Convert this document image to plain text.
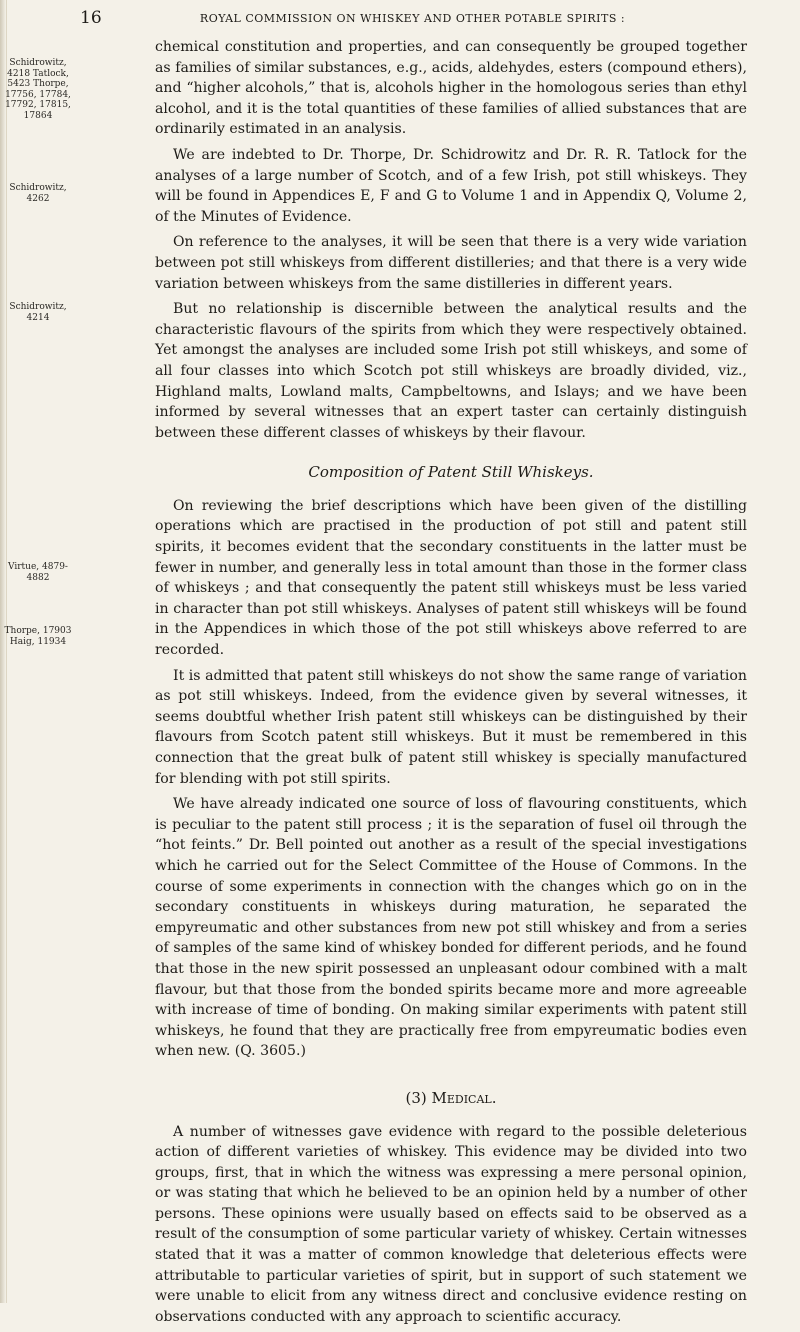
16	ROYAL COMMISSION ON WHISKEY AND OTHER POTABLE SPIRITS :
Schidrowitz, 4218 Tatlock, 5423 Thorpe, 17756, 17784, 17792, 17815, 17864
Schidrowitz, 4262
Schidrowitz, 4214
Virtue, 4879-4882
Thorpe, 17903 Haig, 11934

chemical constitution and properties, and can consequently be grouped together as families of similar substances, e.g., acids, aldehydes, esters (compound ethers), and “higher alcohols,” that is, alcohols higher in the homologous series than ethyl alcohol, and it is the total quantities of these families of allied substances that are ordinarily estimated in an analysis.

We are indebted to Dr. Thorpe, Dr. Schidrowitz and Dr. R. R. Tatlock for the analyses of a large number of Scotch, and of a few Irish, pot still whiskeys. They will be found in Appendices E, F and G to Volume 1 and in Appendix Q, Volume 2, of the Minutes of Evidence.

On reference to the analyses, it will be seen that there is a very wide variation between pot still whiskeys from different distilleries; and that there is a very wide variation between whiskeys from the same distilleries in different years.

But no relationship is discernible between the analytical results and the characteristic flavours of the spirits from which they were respectively obtained. Yet amongst the analyses are included some Irish pot still whiskeys, and some of all four classes into which Scotch pot still whiskeys are broadly divided, viz., Highland malts, Lowland malts, Campbeltowns, and Islays; and we have been informed by several witnesses that an expert taster can certainly distinguish between these different classes of whiskeys by their flavour.

Composition of Patent Still Whiskeys.

On reviewing the brief descriptions which have been given of the distilling operations which are practised in the production of pot still and patent still spirits, it becomes evident that the secondary constituents in the latter must be fewer in number, and generally less in total amount than those in the former class of whiskeys ; and that consequently the patent still whiskeys must be less varied in character than pot still whiskeys. Analyses of patent still whiskeys will be found in the Appendices in which those of the pot still whiskeys above referred to are recorded.

It is admitted that patent still whiskeys do not show the same range of variation as pot still whiskeys. Indeed, from the evidence given by several witnesses, it seems doubtful whether Irish patent still whiskeys can be distinguished by their flavours from Scotch patent still whiskeys. But it must be remembered in this connection that the great bulk of patent still whiskey is specially manufactured for blending with pot still spirits.

We have already indicated one source of loss of flavouring constituents, which is peculiar to the patent still process ; it is the separation of fusel oil through the “hot feints.” Dr. Bell pointed out another as a result of the special investigations which he carried out for the Select Committee of the House of Commons. In the course of some experiments in connection with the changes which go on in the secondary constituents in whiskeys during maturation, he separated the empyreumatic and other substances from new pot still whiskey and from a series of samples of the same kind of whiskey bonded for different periods, and he found that those in the new spirit possessed an unpleasant odour combined with a malt flavour, but that those from the bonded spirits became more and more agreeable with increase of time of bonding. On making similar experiments with patent still whiskeys, he found that they are practically free from empyreumatic bodies even when new. (Q. 3605.)

(3) Medical.

A number of witnesses gave evidence with regard to the possible deleterious action of different varieties of whiskey. This evidence may be divided into two groups, first, that in which the witness was expressing a mere personal opinion, or was stating that which he believed to be an opinion held by a number of other persons. These opinions were usually based on effects said to be observed as a result of the consumption of some particular variety of whiskey. Certain witnesses stated that it was a matter of common knowledge that deleterious effects were attributable to particular varieties of spirit, but in support of such statement we were unable to elicit from any witness direct and conclusive evidence resting on observations conducted with any approach to scientific accuracy.
